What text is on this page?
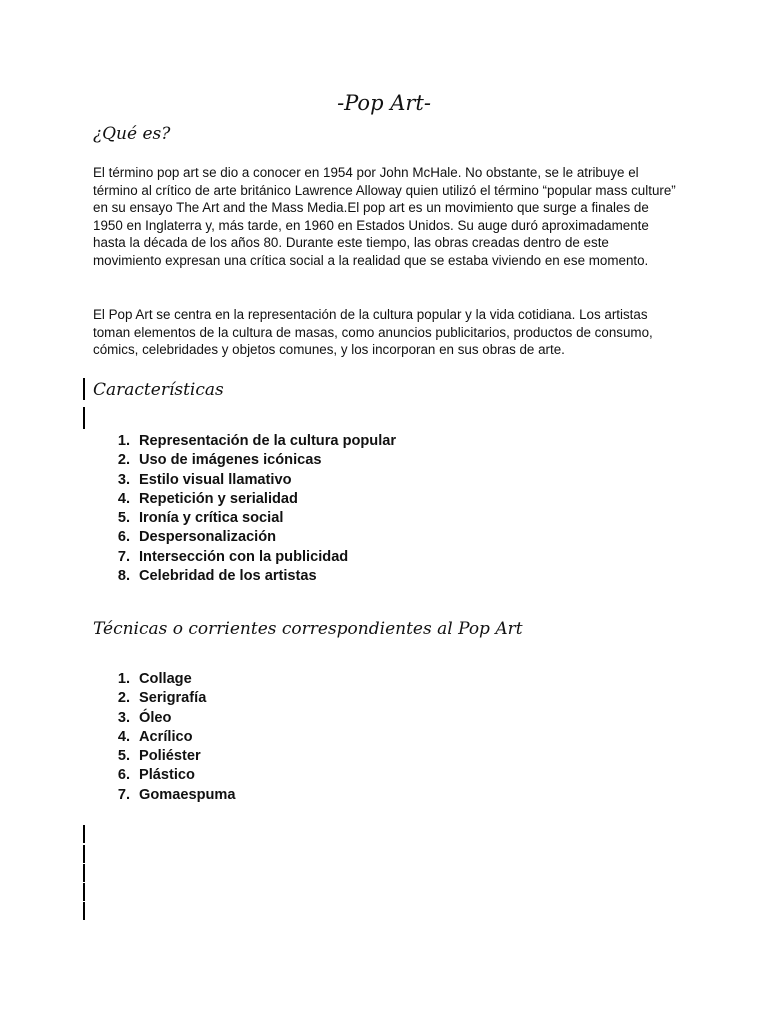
-Pop Art-
¿Qué es?

El término pop art se dio a conocer en 1954 por John McHale. No obstante, se le atribuye el término al crítico de arte británico Lawrence Alloway quien utilizó el término “popular mass culture” en su ensayo The Art and the Mass Media.El pop art es un movimiento que surge a finales de 1950 en Inglaterra y, más tarde, en 1960 en Estados Unidos. Su auge duró aproximadamente hasta la década de los años 80. Durante este tiempo, las obras creadas dentro de este movimiento expresan una crítica social a la realidad que se estaba viviendo en ese momento.

El Pop Art se centra en la representación de la cultura popular y la vida cotidiana. Los artistas toman elementos de la cultura de masas, como anuncios publicitarios, productos de consumo, cómics, celebridades y objetos comunes, y los incorporan en sus obras de arte.

Características
1. Representación de la cultura popular
2. Uso de imágenes icónicas
3. Estilo visual llamativo
4. Repetición y serialidad
5. Ironía y crítica social
6. Despersonalización
7. Intersección con la publicidad
8. Celebridad de los artistas
Técnicas o corrientes correspondientes al Pop Art
1. Collage
2. Serigrafía
3. Óleo
4. Acrílico
5. Poliéster
6. Plástico
7. Gomaespuma
